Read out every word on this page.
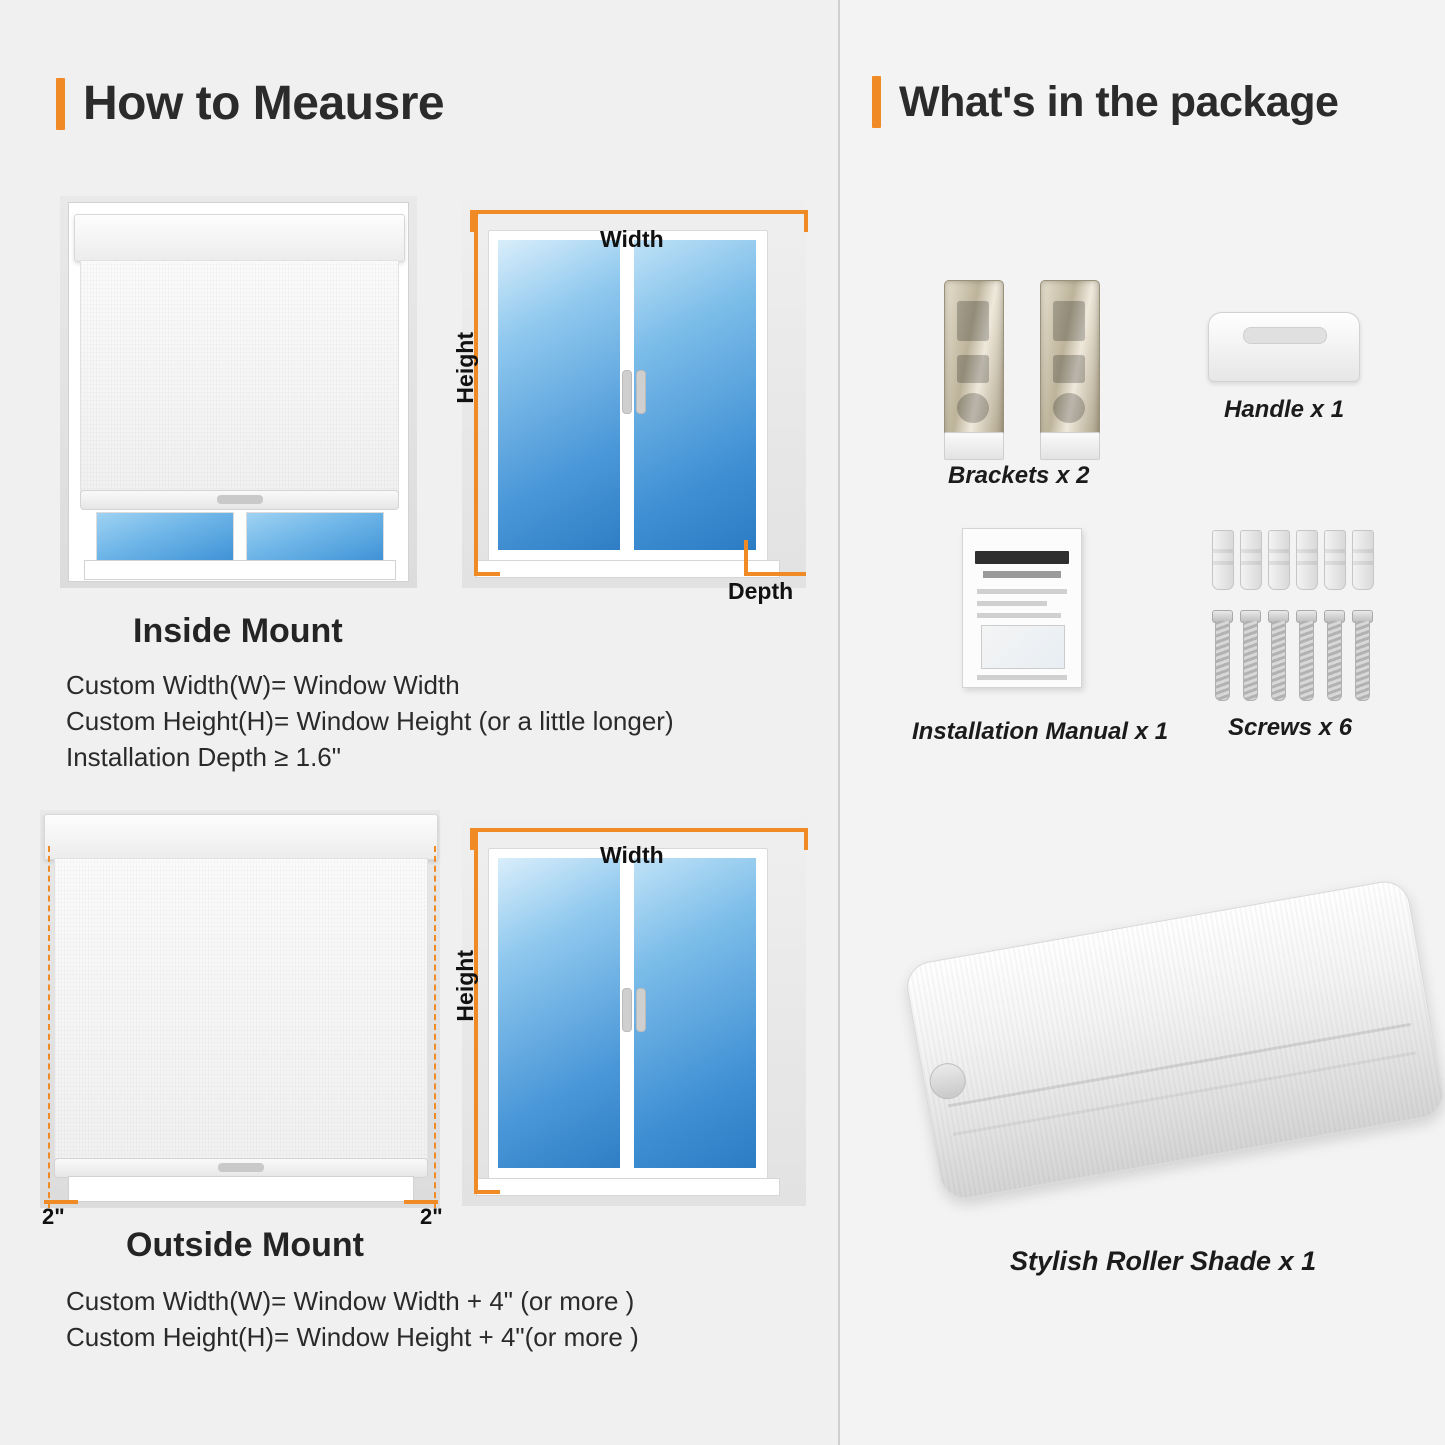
How to Meausre	What's in the package
Width
Height
Depth
Inside Mount
Custom Width(W)= Window Width
Custom Height(H)= Window Height (or a little longer)
Installation Depth ≥ 1.6"
2"	2"
Width
Height
Outside Mount
Custom Width(W)= Window Width + 4" (or more )
Custom Height(H)= Window Height + 4"(or more )
Brackets x 2
Handle x 1
Installation Manual x 1 Screws x 6
Stylish Roller Shade x 1
